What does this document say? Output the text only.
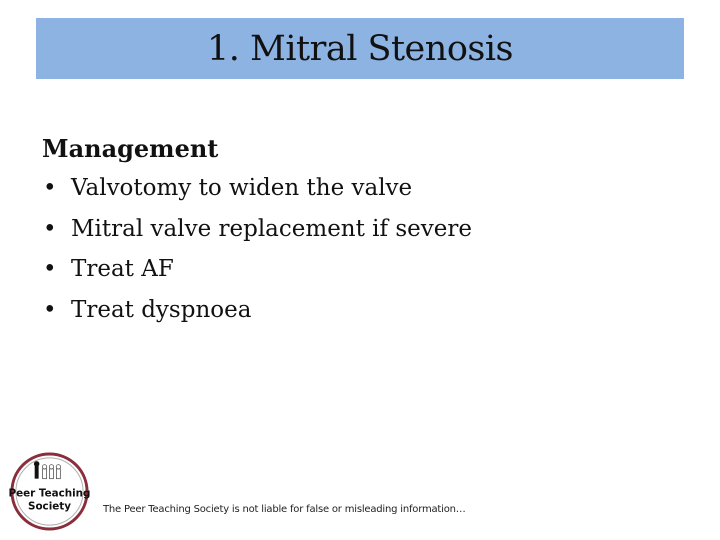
1. Mitral Stenosis
Management
• Valvotomy to widen the valve
• Mitral valve replacement if severe
• Treat AF
• Treat dyspnoea
Peer Teaching
Society	The Peer Teaching Society is not liable for false or misleading information…
